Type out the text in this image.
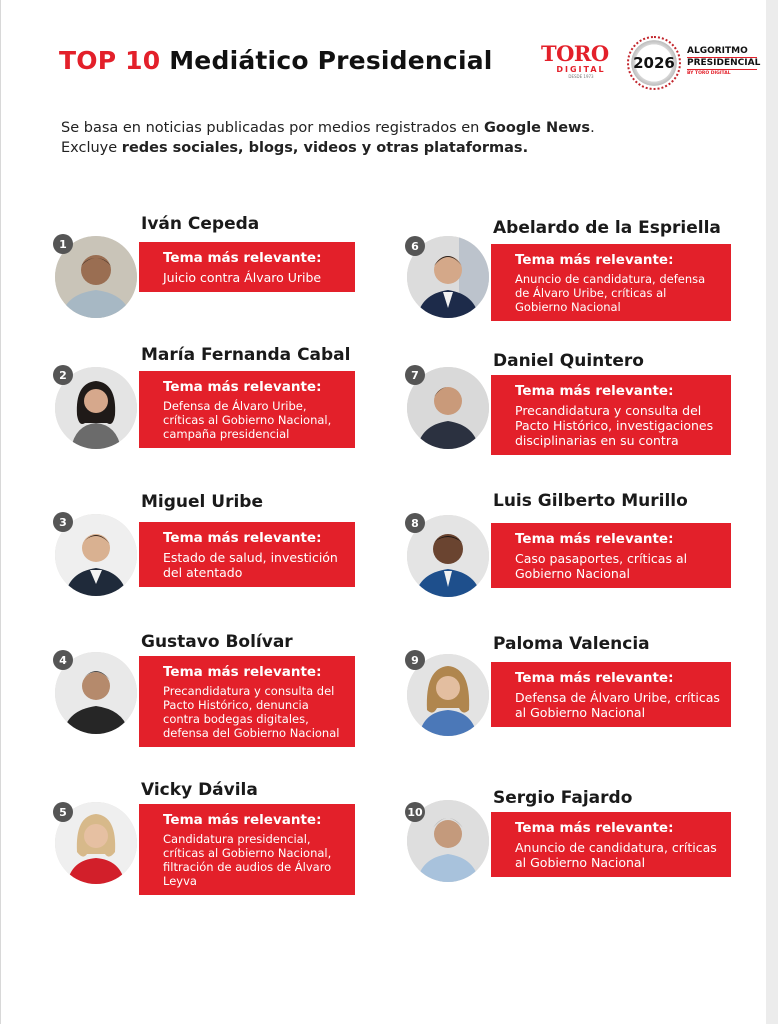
TOP 10 Mediático Presidencial TORO
DIGITAL
DESDE 1973
2026
ALGORITMO
PRESIDENCIAL
BY TORO DIGITAL

Se basa en noticias publicadas por medios registrados en Google News.

Excluye redes sociales, blogs, videos y otras plataformas.

Iván Cepeda
1
Tema más relevante:
Juicio contra Álvaro Uribe
María Fernanda Cabal
2
Tema más relevante:
Defensa de Álvaro Uribe, críticas al Gobierno Nacional, campaña presidencial
Miguel Uribe
3
Tema más relevante:
Estado de salud, investición del atentado
Gustavo Bolívar
4
Tema más relevante:
Precandidatura y consulta del Pacto Histórico, denuncia contra bodegas digitales, defensa del Gobierno Nacional
Vicky Dávila
5	Tema más relevante:
Candidatura presidencial, críticas al Gobierno Nacional, filtración de audios de Álvaro Leyva
Abelardo de la Espriella
6
Tema más relevante:
Anuncio de candidatura, defensa de Álvaro Uribe, críticas al Gobierno Nacional
Daniel Quintero
7
Tema más relevante:
Precandidatura y consulta del Pacto Histórico, investigaciones disciplinarias en su contra
Luis Gilberto Murillo
8
Tema más relevante:
Caso pasaportes, críticas al Gobierno Nacional
Paloma Valencia
9
Tema más relevante:
Defensa de Álvaro Uribe, críticas al Gobierno Nacional
Sergio Fajardo
10
Tema más relevante:
Anuncio de candidatura, críticas al Gobierno Nacional
